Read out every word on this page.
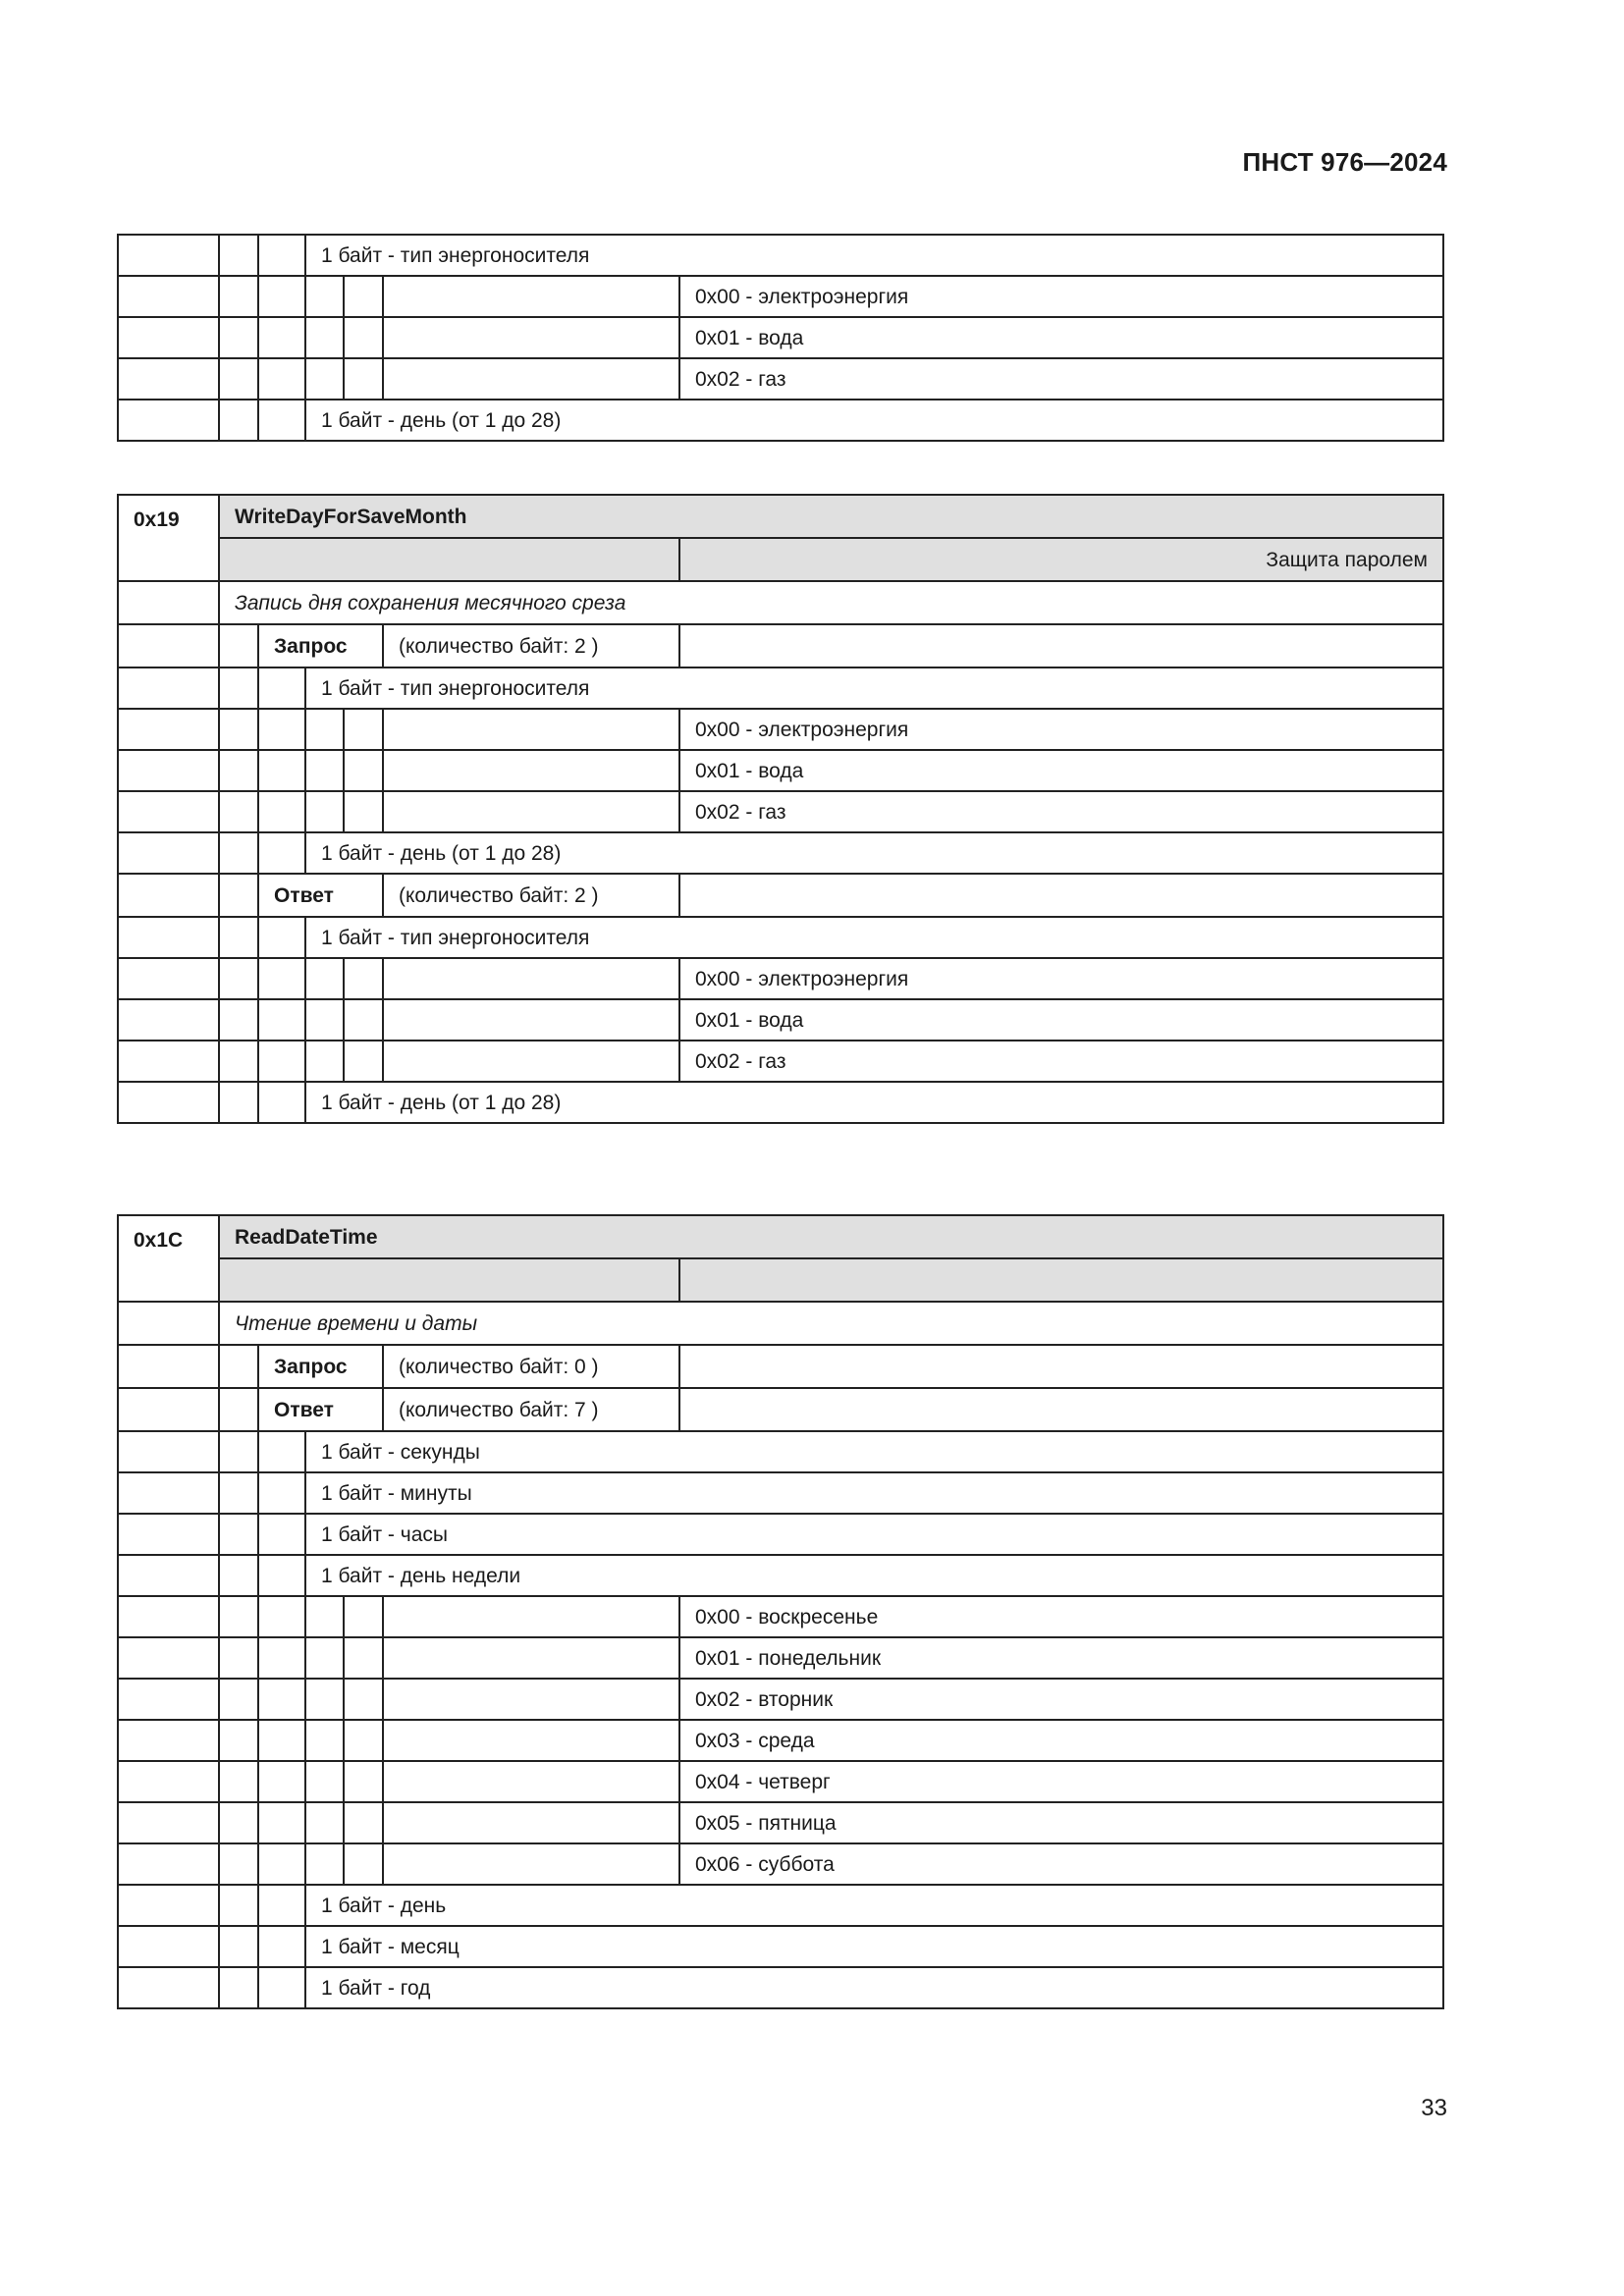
ПНСТ 976—2024
			1 байт - тип энергоносителя			
						0x00 - электроэнергия
						0x01 - вода
						0x02 - газ
			1 байт - день (от 1 до 28)			
0x19	WriteDayForSaveMonth					
						Защита паролем
	Запись дня сохранения месячного среза					
		Запрос			(количество байт: 2 )	
			1 байт - тип энергоносителя			
						0x00 - электроэнергия
						0x01 - вода
						0x02 - газ
			1 байт - день (от 1 до 28)			
		Ответ			(количество байт: 2 )	
			1 байт - тип энергоносителя			
						0x00 - электроэнергия
						0x01 - вода
						0x02 - газ
			1 байт - день (от 1 до 28)			
0x1C	ReadDateTime					

	Чтение времени и даты					
		Запрос			(количество байт: 0 )	
		Ответ			(количество байт: 7 )	
			1 байт - секунды			
			1 байт - минуты			
			1 байт - часы			
			1 байт - день недели			
						0x00 - воскресенье
						0x01 - понедельник
						0x02 - вторник
						0x03 - среда
						0x04 - четверг
						0x05 - пятница
						0x06 - суббота
			1 байт - день			
			1 байт - месяц			
			1 байт - год			
33
